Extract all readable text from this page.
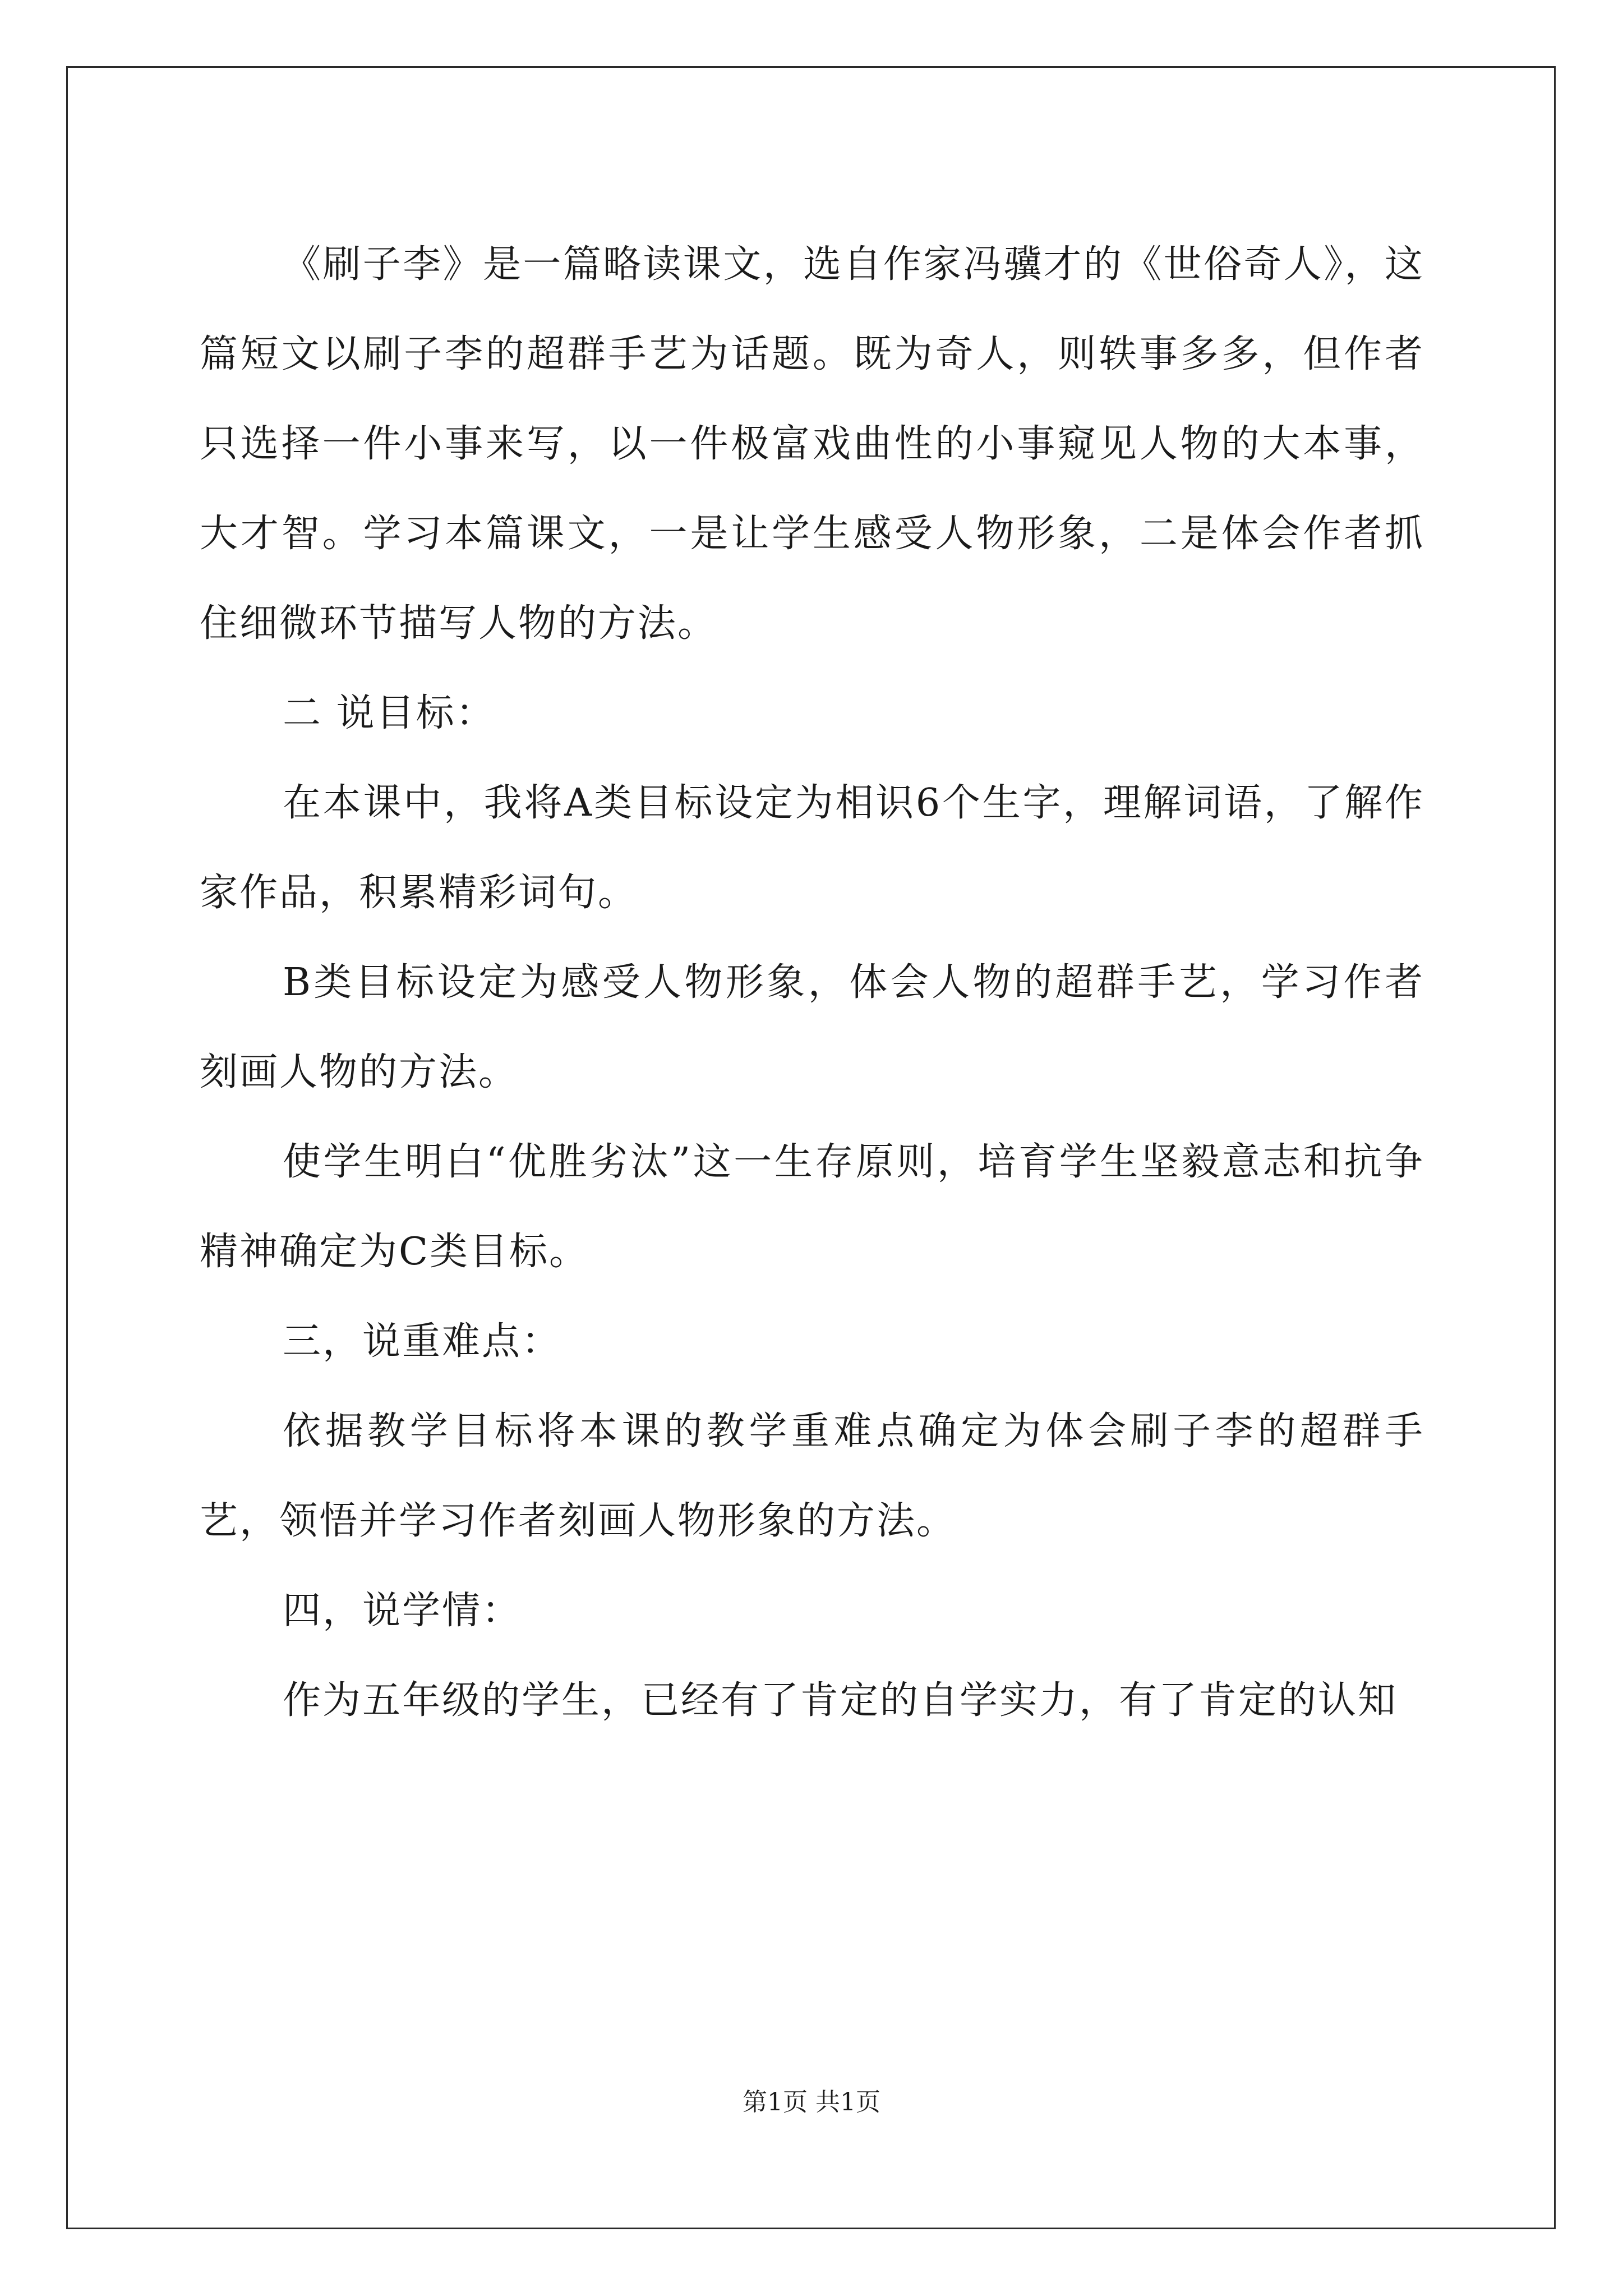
《刷子李》是一篇略读课文，选自作家冯骥才的《世俗奇人》，这篇短文以刷子李的超群手艺为话题。既为奇人，则轶事多多，但作者只选择一件小事来写，以一件极富戏曲性的小事窥见人物的大本事，大才智。学习本篇课文，一是让学生感受人物形象，二是体会作者抓住细微环节描写人物的方法。

二 说目标：

在本课中，我将A类目标设定为相识6个生字，理解词语，了解作家作品，积累精彩词句。

B类目标设定为感受人物形象，体会人物的超群手艺，学习作者刻画人物的方法。

使学生明白“优胜劣汰”这一生存原则，培育学生坚毅意志和抗争精神确定为C类目标。

三，说重难点：

依据教学目标将本课的教学重难点确定为体会刷子李的超群手艺，领悟并学习作者刻画人物形象的方法。

四，说学情：

作为五年级的学生，已经有了肯定的自学实力，有了肯定的认知

第1页 共1页
